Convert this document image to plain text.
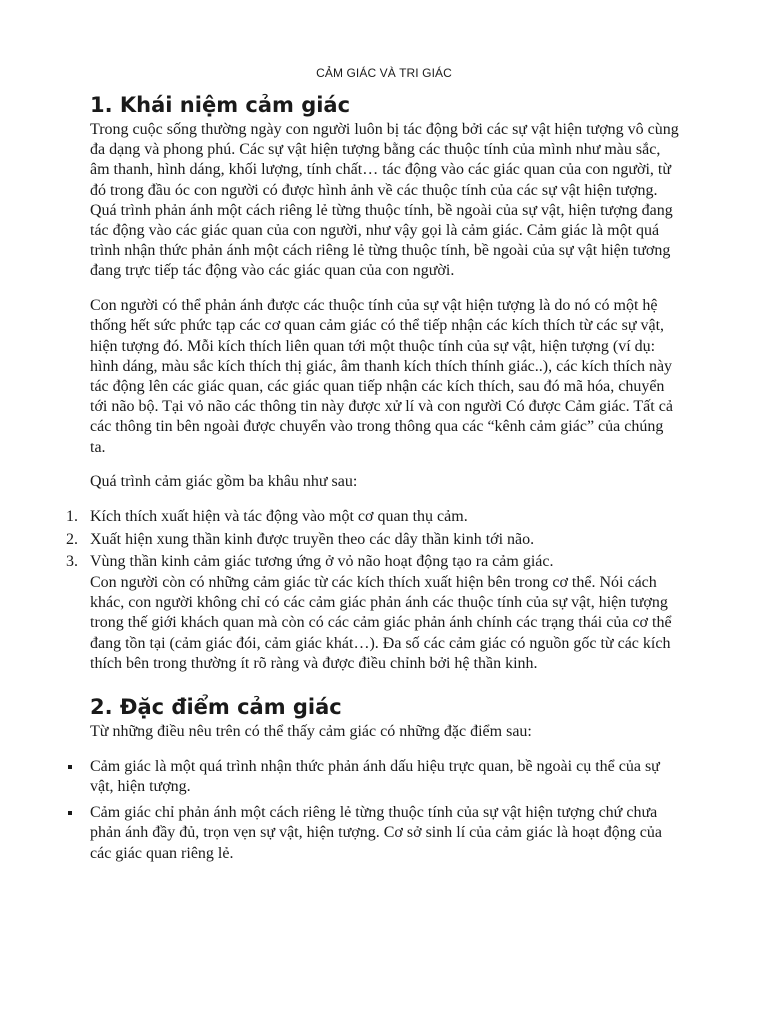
CẢM GIÁC VÀ TRI GIÁC
1. Khái niệm cảm giác

Trong cuộc sống thường ngày con người luôn bị tác động bởi các sự vật hiện tượng vô cùng đa dạng và phong phú. Các sự vật hiện tượng bằng các thuộc tính của mình như màu sắc, âm thanh, hình dáng, khối lượng, tính chất… tác động vào các giác quan của con người, từ đó trong đầu óc con người có được hình ảnh về các thuộc tính của các sự vật hiện tượng. Quá trình phản ánh một cách riêng lẻ từng thuộc tính, bề ngoài của sự vật, hiện tượng đang tác động vào các giác quan của con người, như vậy gọi là cảm giác. Cảm giác là một quá trình nhận thức phản ánh một cách riêng lẻ từng thuộc tính, bề ngoài của sự vật hiện tương đang trực tiếp tác động vào các giác quan của con người.

Con người có thể phản ánh được các thuộc tính của sự vật hiện tượng là do nó có một hệ thống hết sức phức tạp các cơ quan cảm giác có thể tiếp nhận các kích thích từ các sự vật, hiện tượng đó. Mỗi kích thích liên quan tới một thuộc tính của sự vật, hiện tượng (ví dụ: hình dáng, màu sắc kích thích thị giác, âm thanh kích thích thính giác..), các kích thích này tác động lên các giác quan, các giác quan tiếp nhận các kích thích, sau đó mã hóa, chuyển tới não bộ. Tại vỏ não các thông tin này được xử lí và con người Có được Cảm giác. Tất cả các thông tin bên ngoài được chuyển vào trong thông qua các “kênh cảm giác” của chúng ta.

Quá trình cảm giác gồm ba khâu như sau:

1. Kích thích xuất hiện và tác động vào một cơ quan thụ cảm.
2. Xuất hiện xung thần kinh được truyền theo các dây thần kinh tới não.
3. Vùng thần kinh cảm giác tương ứng ở vỏ não hoạt động tạo ra cảm giác.

Con người còn có những cảm giác từ các kích thích xuất hiện bên trong cơ thể. Nói cách khác, con người không chỉ có các cảm giác phản ánh các thuộc tính của sự vật, hiện tượng trong thế giới khách quan mà còn có các cảm giác phản ánh chính các trạng thái của cơ thể đang tồn tại (cảm giác đói, cảm giác khát…). Đa số các cảm giác có nguồn gốc từ các kích thích bên trong thường ít rõ ràng và được điều chỉnh bởi hệ thần kinh.

2. Đặc điểm cảm giác

Từ những điều nêu trên có thể thấy cảm giác có những đặc điểm sau:

Cảm giác là một quá trình nhận thức phản ánh dấu hiệu trực quan, bề ngoài cụ thể của sự vật, hiện tượng.
Cảm giác chỉ phản ánh một cách riêng lẻ từng thuộc tính của sự vật hiện tượng chứ chưa phản ánh đầy đủ, trọn vẹn sự vật, hiện tượng. Cơ sở sinh lí của cảm giác là hoạt động của các giác quan riêng lẻ.
